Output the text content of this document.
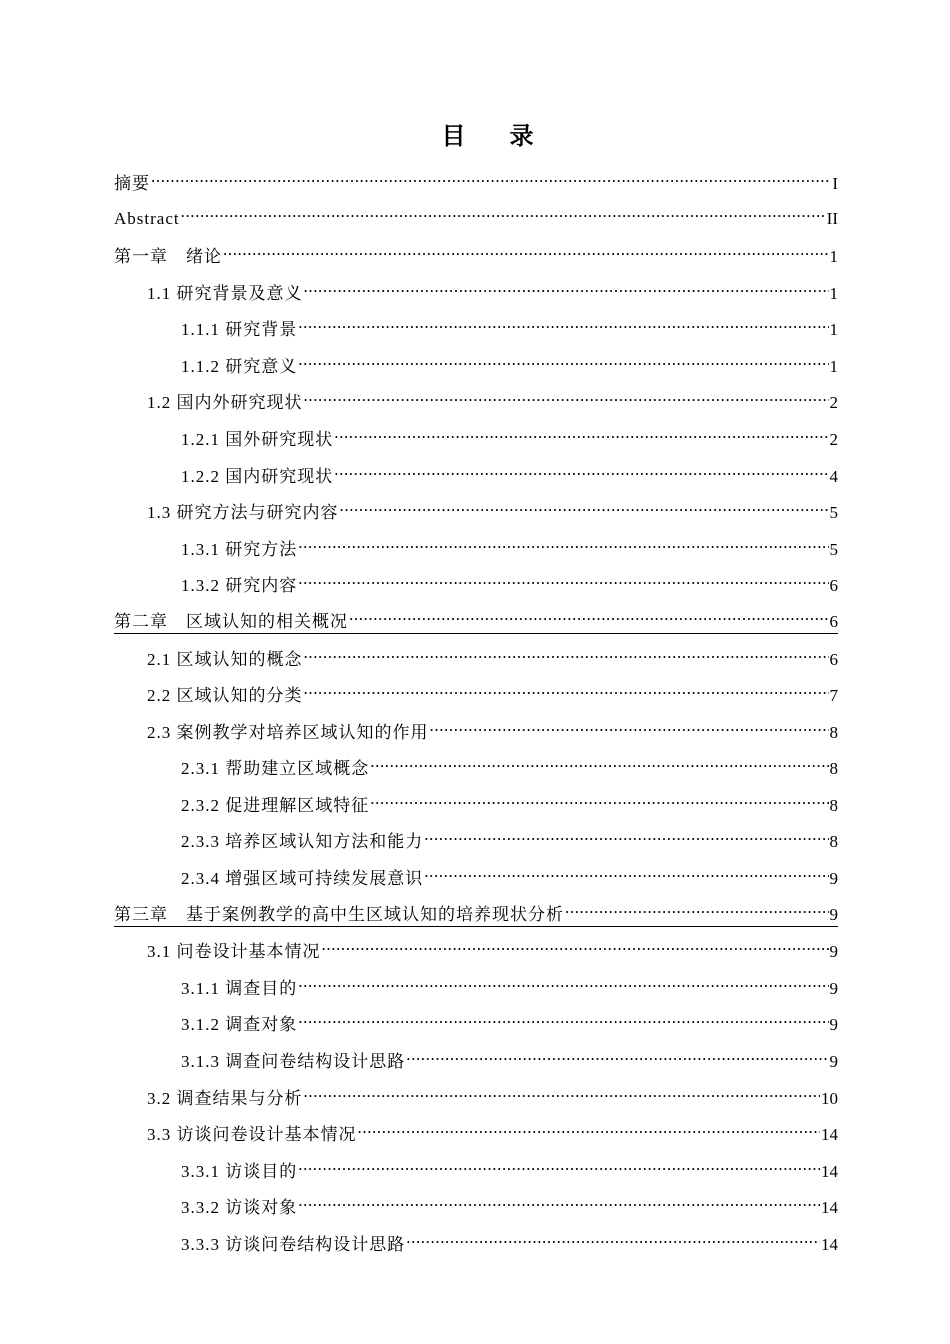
目 录
摘要 .....	I
Abstract .....	II
第一章　绪论 .....	1
1.1 研究背景及意义 .....	1
1.1.1 研究背景 .....	1
1.1.2 研究意义 .....	1
1.2 国内外研究现状 .....	2
1.2.1 国外研究现状 .....	2
1.2.2 国内研究现状 .....	4
1.3 研究方法与研究内容 .....	5
1.3.1 研究方法 .....	5
1.3.2 研究内容 .....	6
第二章　区域认知的相关概况 .....	6
2.1 区域认知的概念 .....	6
2.2 区域认知的分类 .....	7
2.3 案例教学对培养区域认知的作用 .....	8
2.3.1 帮助建立区域概念 .....	8
2.3.2 促进理解区域特征 .....	8
2.3.3 培养区域认知方法和能力 .....	8
2.3.4 增强区域可持续发展意识 .....	9
第三章　基于案例教学的高中生区域认知的培养现状分析 .....	9
3.1 问卷设计基本情况 .....	9
3.1.1 调查目的 .....	9
3.1.2 调查对象 .....	9
3.1.3 调查问卷结构设计思路 .....	9
3.2 调查结果与分析 .....	10
3.3 访谈问卷设计基本情况 .....	14
3.3.1 访谈目的 .....	14
3.3.2 访谈对象 .....	14
3.3.3 访谈问卷结构设计思路 .....	14
